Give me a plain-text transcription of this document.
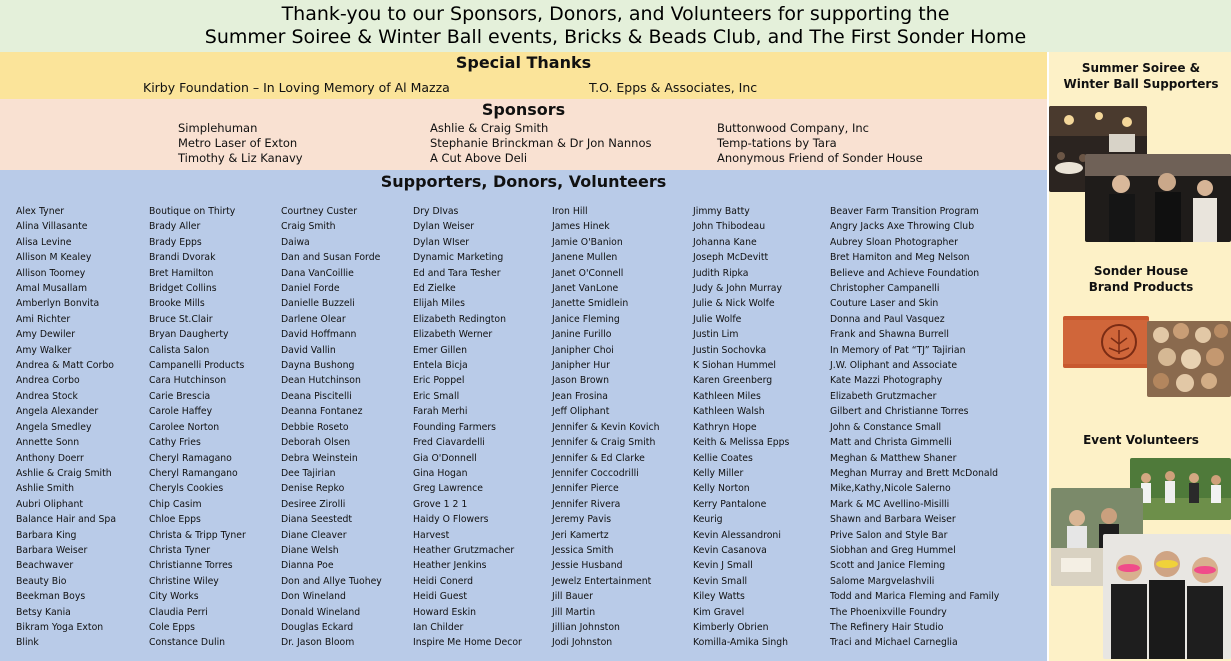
Thank-you to our Sponsors, Donors, and Volunteers for supporting the
Summer Soiree & Winter Ball events, Bricks & Beads Club, and The First Sonder Home
Special Thanks
Kirby Foundation – In Loving Memory of Al Mazza	T.O. Epps & Associates, Inc
Sponsors
Simplehuman
Metro Laser of Exton
Timothy & Liz Kanavy
Ashlie & Craig Smith
Stephanie Brinckman & Dr Jon Nannos
A Cut Above Deli
Buttonwood Company, Inc
Temp-tations by Tara
Anonymous Friend of Sonder House
Supporters, Donors, Volunteers
Alex Tyner
Alina Villasante
Alisa Levine
Allison M Kealey
Allison Toomey
Amal Musallam
Amberlyn Bonvita
Ami Richter
Amy Dewiler
Amy Walker
Andrea & Matt Corbo
Andrea Corbo
Andrea Stock
Angela Alexander
Angela Smedley
Annette Sonn
Anthony Doerr
Ashlie & Craig Smith
Ashlie Smith
Aubri Oliphant
Balance Hair and Spa
Barbara King
Barbara Weiser
Beachwaver
Beauty Bio
Beekman Boys
Betsy Kania
Bikram Yoga Exton
Blink
Boutique on Thirty
Brady Aller
Brady Epps
Brandi Dvorak
Bret Hamilton
Bridget Collins
Brooke Mills
Bruce St.Clair
Bryan Daugherty
Calista Salon
Campanelli Products
Cara Hutchinson
Carie Brescia
Carole Haffey
Carolee Norton
Cathy Fries
Cheryl Ramagano
Cheryl Ramangano
Cheryls Cookies
Chip Casim
Chloe Epps
Christa & Tripp Tyner
Christa Tyner
Christianne Torres
Christine Wiley
City Works
Claudia Perri
Cole Epps
Constance Dulin
Courtney Custer
Craig Smith
Daiwa
Dan and Susan Forde
Dana VanCoillie
Daniel Forde
Danielle Buzzeli
Darlene Olear
David Hoffmann
David Vallin
Dayna Bushong
Dean Hutchinson
Deana Piscitelli
Deanna Fontanez
Debbie Roseto
Deborah Olsen
Debra Weinstein
Dee Tajirian
Denise Repko
Desiree Zirolli
Diana Seestedt
Diane Cleaver
Diane Welsh
Dianna Poe
Don and Allye Tuohey
Don Wineland
Donald Wineland
Douglas Eckard
Dr. Jason Bloom
Dry DIvas
Dylan Weiser
Dylan WIser
Dynamic Marketing
Ed and Tara Tesher
Ed Zielke
Elijah Miles
Elizabeth Redington
Elizabeth Werner
Emer Gillen
Entela Bicja
Eric Poppel
Eric Small
Farah Merhi
Founding Farmers
Fred Ciavardelli
Gia O'Donnell
Gina Hogan
Greg Lawrence
Grove 1 2 1
Haidy O Flowers
Harvest
Heather Grutzmacher
Heather Jenkins
Heidi Conerd
Heidi Guest
Howard Eskin
Ian Childer
Inspire Me Home Decor
Iron Hill
James Hinek
Jamie O'Banion
Janene Mullen
Janet O'Connell
Janet VanLone
Janette Smidlein
Janice Fleming
Janine Furillo
Janipher Choi
Janipher Hur
Jason Brown
Jean Frosina
Jeff Oliphant
Jennifer & Kevin Kovich
Jennifer & Craig Smith
Jennifer & Ed Clarke
Jennifer Coccodrilli
Jennifer Pierce
Jennifer Rivera
Jeremy Pavis
Jeri Kamertz
Jessica Smith
Jessie Husband
Jewelz Entertainment
Jill Bauer
Jill Martin
Jillian Johnston
Jodi Johnston
Jimmy Batty
John Thibodeau
Johanna Kane
Joseph McDevitt
Judith Ripka
Judy & John Murray
Julie & Nick Wolfe
Julie Wolfe
Justin Lim
Justin Sochovka
K Siohan Hummel
Karen Greenberg
Kathleen Miles
Kathleen Walsh
Kathryn Hope
Keith & Melissa Epps
Kellie Coates
Kelly Miller
Kelly Norton
Kerry Pantalone
Keurig
Kevin Alessandroni
Kevin Casanova
Kevin J Small
Kevin Small
Kiley Watts
Kim Gravel
Kimberly Obrien
Komilla-Amika Singh
Beaver Farm Transition Program
Angry Jacks Axe Throwing Club
Aubrey Sloan Photographer
Bret Hamiton and Meg Nelson
Believe and Achieve Foundation
Christopher Campanelli
Couture Laser and Skin
Donna and Paul Vasquez
Frank and Shawna Burrell
In Memory of Pat “TJ” Tajirian
J.W. Oliphant and Associate
Kate Mazzi Photography
Elizabeth Grutzmacher
Gilbert and Christianne Torres
John & Constance Small
Matt and Christa Gimmelli
Meghan & Matthew Shaner
Meghan Murray and Brett McDonald
Mike,Kathy,Nicole Salerno
Mark & MC Avellino-Misilli
Shawn and Barbara Weiser
Prive Salon and Style Bar
Siobhan and Greg Hummel
Scott and Janice Fleming
Salome Margvelashvili
Todd and Marica Fleming and Family
The Phoenixville Foundry
The Refinery Hair Studio
Traci and Michael Carneglia
Summer Soiree &
Winter Ball Supporters
Sonder House
Brand Products
Event Volunteers
